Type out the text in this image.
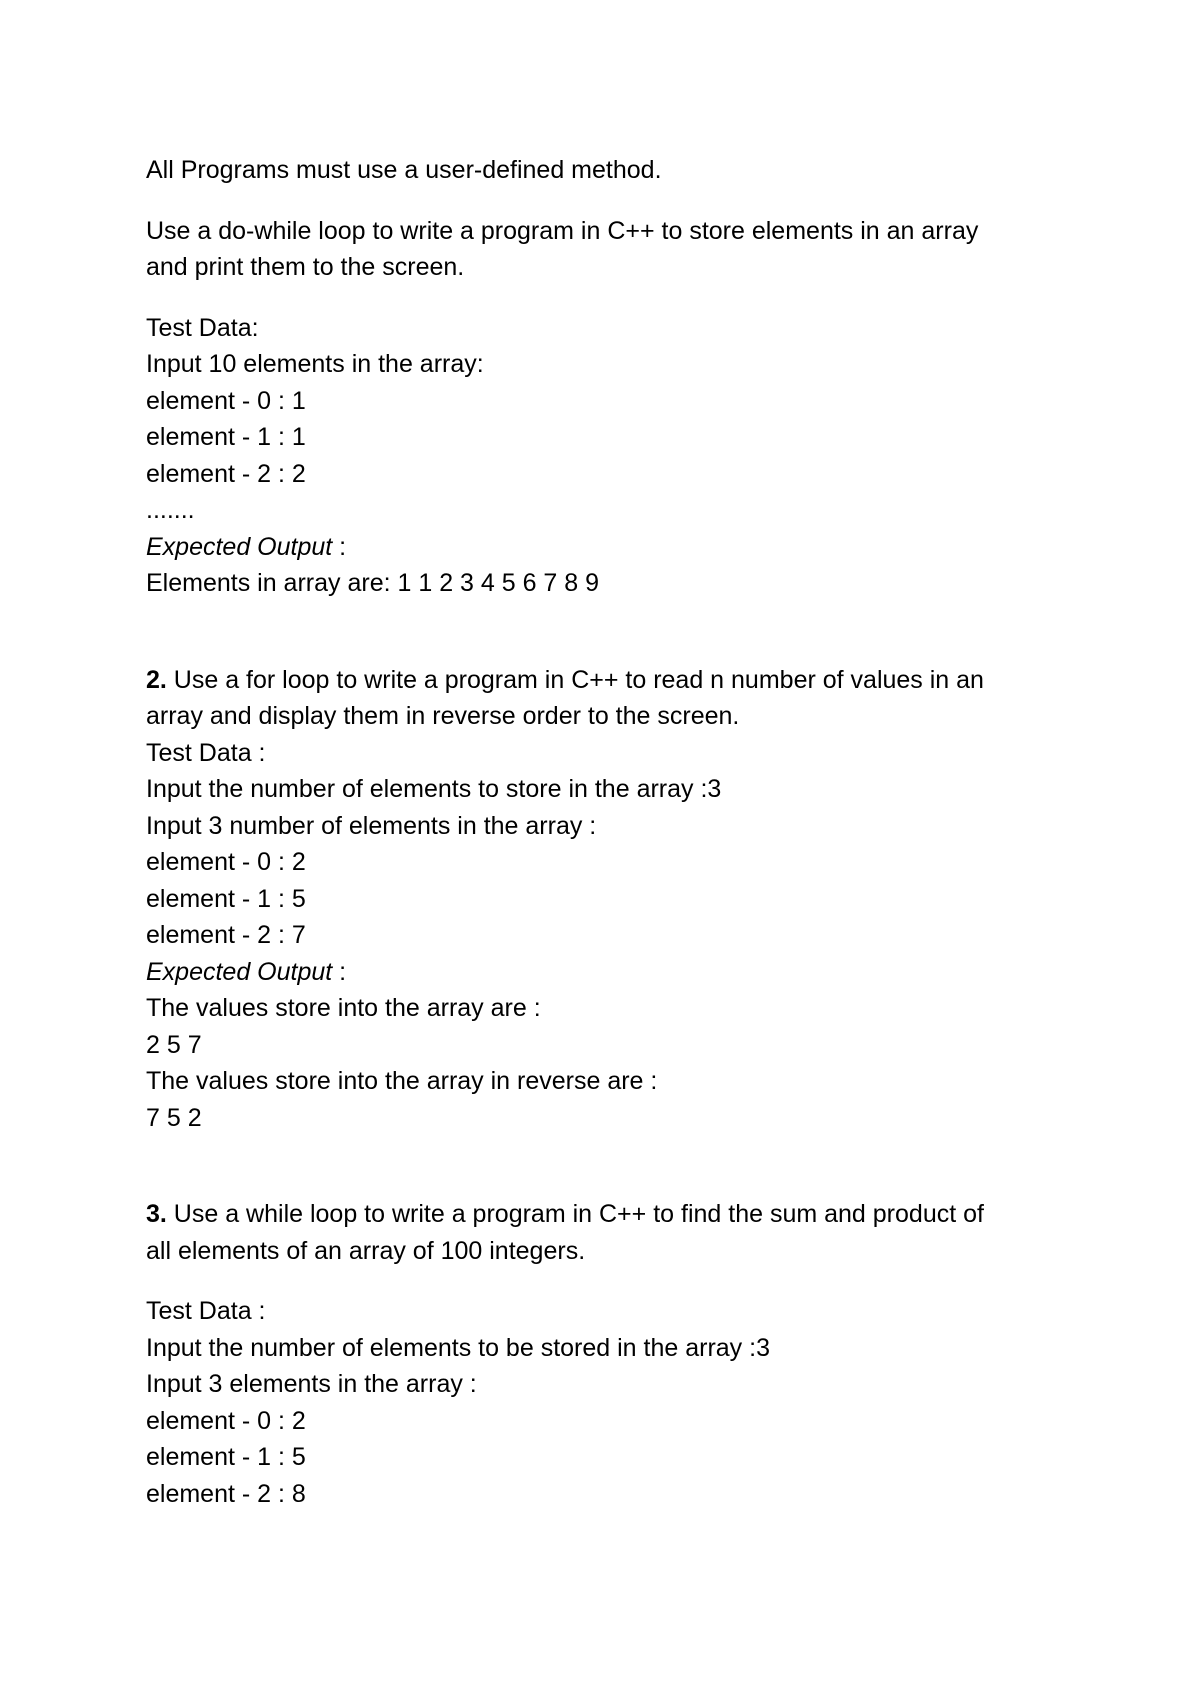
All Programs must use a user-defined method.

Use a do-while loop to write a program in C++ to store elements in an array

and print them to the screen.

Test Data:

Input 10 elements in the array:

element - 0 : 1

element - 1 : 1

element - 2 : 2

.......

Expected Output :

Elements in array are: 1 1 2 3 4 5 6 7 8 9

2. Use a for loop to write a program in C++ to read n number of values in an

array and display them in reverse order to the screen.

Test Data :

Input the number of elements to store in the array :3

Input 3 number of elements in the array :

element - 0 : 2

element - 1 : 5

element - 2 : 7

Expected Output :

The values store into the array are :

2 5 7

The values store into the array in reverse are :

7 5 2

3. Use a while loop to write a program in C++ to find the sum and product of

all elements of an array of 100 integers.

Test Data :

Input the number of elements to be stored in the array :3

Input 3 elements in the array :

element - 0 : 2

element - 1 : 5

element - 2 : 8
